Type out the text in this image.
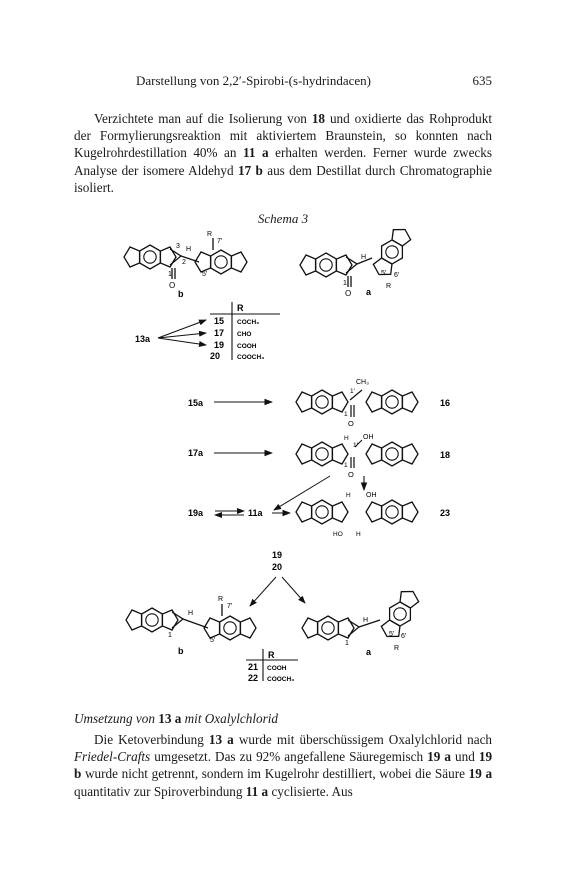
Darstellung von 2,2′-Spirobi-(s-hydrindacen)	635
Verzichtete man auf die Isolierung von 18 und oxidierte das Rohprodukt der Formylierungsreaktion mit aktiviertem Braunstein, so konnten nach Kugelrohrdestillation 40% an 11 a erhalten werden. Ferner wurde zwecks Analyse der isomere Aldehyd 17 b aus dem Destillat durch Chromatographie isoliert.
Schema 3
R
7′
H
3
2
1
O
5′
b
H
1
O
5′ 6′
R
a
R
15 COCH₃
17 CHO
19 COOH
20	COOCH₃
13a
15a
CH₃
1′
1
O
16
17a
H OH
1′
1
O
18
19a	11a
H OH
HO H
23
19
20
R
7′
H
1
5′
b
H
1
5′ 6′
R
a
R
21 COOH
22 COOCH₃
Umsetzung von 13 a mit Oxalylchlorid
Die Ketoverbindung 13 a wurde mit überschüssigem Oxalylchlorid nach Friedel-Crafts umgesetzt. Das zu 92% angefallene Säuregemisch 19 a und 19 b wurde nicht getrennt, sondern im Kugelrohr destilliert, wobei die Säure 19 a quantitativ zur Spiroverbindung 11 a cyclisierte. Aus
